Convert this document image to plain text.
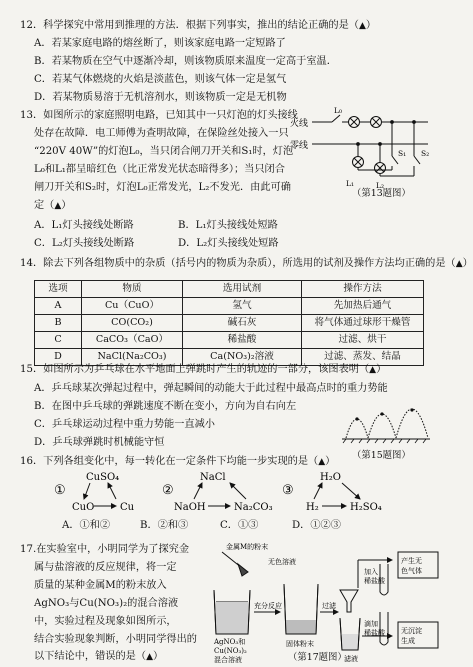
12．科学探究中常用到推理的方法．根据下列事实，推出的结论正确的是（▲）
A．若某家庭电路的熔丝断了，则该家庭电路一定短路了
B．若某物质在空气中逐渐冷却，则该物质原来温度一定高于室温．
C．若某气体燃烧的火焰是淡蓝色，则该气体一定是氢气
D．若某物质易溶于无机溶剂水，则该物质一定是无机物
13．如图所示的家庭照明电路，已知其中一只灯泡的灯头接线
处存在故障．电工师傅为查明故障，在保险丝处接入一只
“220V 40W”的灯泡L₀，当只闭合闸刀开关和S₁时，灯泡
L₀和L₁都呈暗红色（比正常发光状态暗得多）；当只闭合
闸刀开关和S₂时，灯泡L₀正常发光，L₂不发光．由此可确
定（▲）
A．L₁灯头接线处断路	B．L₁灯头接线处短路
C．L₂灯头接线处断路	D．L₂灯头接线处短路
火线
零线
L₀
L₁	L₂
S₁ S₂
（第13题图）
14．除去下列各组物质中的杂质（括号内的物质为杂质），所选用的试剂及操作方法均正确的是（▲）
选项	物质	选用试剂	操作方法
A	Cu（CuO）	氢气	先加热后通气
B	CO(CO₂)	碱石灰	将气体通过球形干燥管
C	CaCO₃（CaO）	稀盐酸	过滤、烘干
D	NaCl(Na₂CO₃)	Ca(NO₃)₂溶液	过滤、蒸发、结晶
15．如图所示为乒乓球在水平地面上弹跳时产生的轨迹的一部分，该图表明（▲）
A．乒乓球某次弹起过程中，弹起瞬间的动能大于此过程中最高点时的重力势能
B．在图中乒乓球的弹跳速度不断在变小，方向为自右向左
C．乒乓球运动过程中重力势能一直减小
D．乒乓球弹跳时机械能守恒
（第15题图）
16．下列各组变化中，每一转化在一定条件下均能一步实现的是（▲）
①
CuSO₄
CuO	Cu
②
NaCl
NaOH	Na₂CO₃
③
H₂O
H₂	H₂SO₄
A．①和②	B．②和③	C．①③	D．①②③
17.在实验室中，小明同学为了探究金
属与盐溶液的反应规律，将一定
质量的某种金属M的粉末放入
AgNO₃与Cu(NO₃)₂的混合溶液
中，实验过程及现象如图所示，
结合实验现象判断，小明同学得出的
以下结论中，错误的是（▲）
金属M的粉末
无色溶液
充分反应	过滤
加入
稀盐酸
产生无
色气体
滴加
稀盐酸 无沉淀
生成
AgNO₃和
Cu(NO₃)₂
混合溶液
固体粉末
滤液
（第17题图）
